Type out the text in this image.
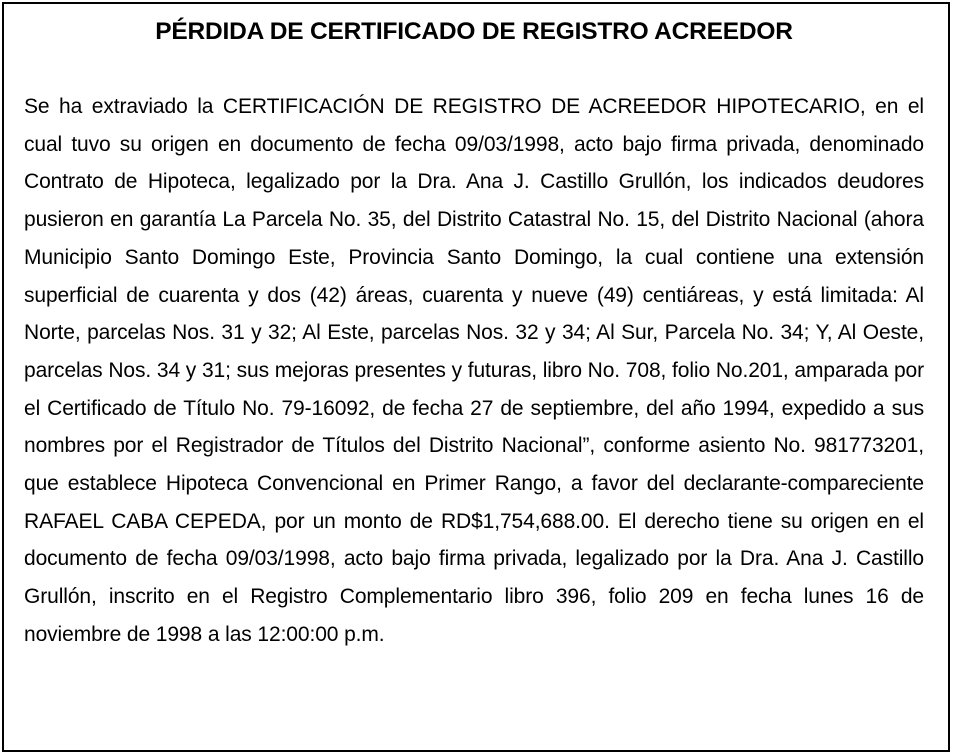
PÉRDIDA DE CERTIFICADO DE REGISTRO ACREEDOR

Se ha extraviado la CERTIFICACIÓN DE REGISTRO DE ACREEDOR HIPOTECARIO, en el cual tuvo su origen en documento de fecha 09/03/1998, acto bajo firma privada, denominado Contrato de Hipoteca, legalizado por la Dra. Ana J. Castillo Grullón, los indicados deudores pusieron en garantía La Parcela No. 35, del Distrito Catastral No. 15, del Distrito Nacional (ahora Municipio Santo Domingo Este, Provincia Santo Domingo, la cual contiene una extensión superficial de cuarenta y dos (42) áreas, cuarenta y nueve (49) centiáreas, y está limitada: Al Norte, parcelas Nos. 31 y 32; Al Este, parcelas Nos. 32 y 34; Al Sur, Parcela No. 34; Y, Al Oeste, parcelas Nos. 34 y 31; sus mejoras presentes y futuras, libro No. 708, folio No.201, amparada por el Certificado de Título No. 79-16092, de fecha 27 de septiembre, del año 1994, expedido a sus nombres por el Registrador de Títulos del Distrito Nacional”, conforme asiento No. 981773201, que establece Hipoteca Convencional en Primer Rango, a favor del declarante-compareciente RAFAEL CABA CEPEDA, por un monto de RD$1,754,688.00. El derecho tiene su origen en el documento de fecha 09/03/1998, acto bajo firma privada, legalizado por la Dra. Ana J. Castillo Grullón, inscrito en el Registro Complementario libro 396, folio 209 en fecha lunes 16 de noviembre de 1998 a las 12:00:00 p.m.
